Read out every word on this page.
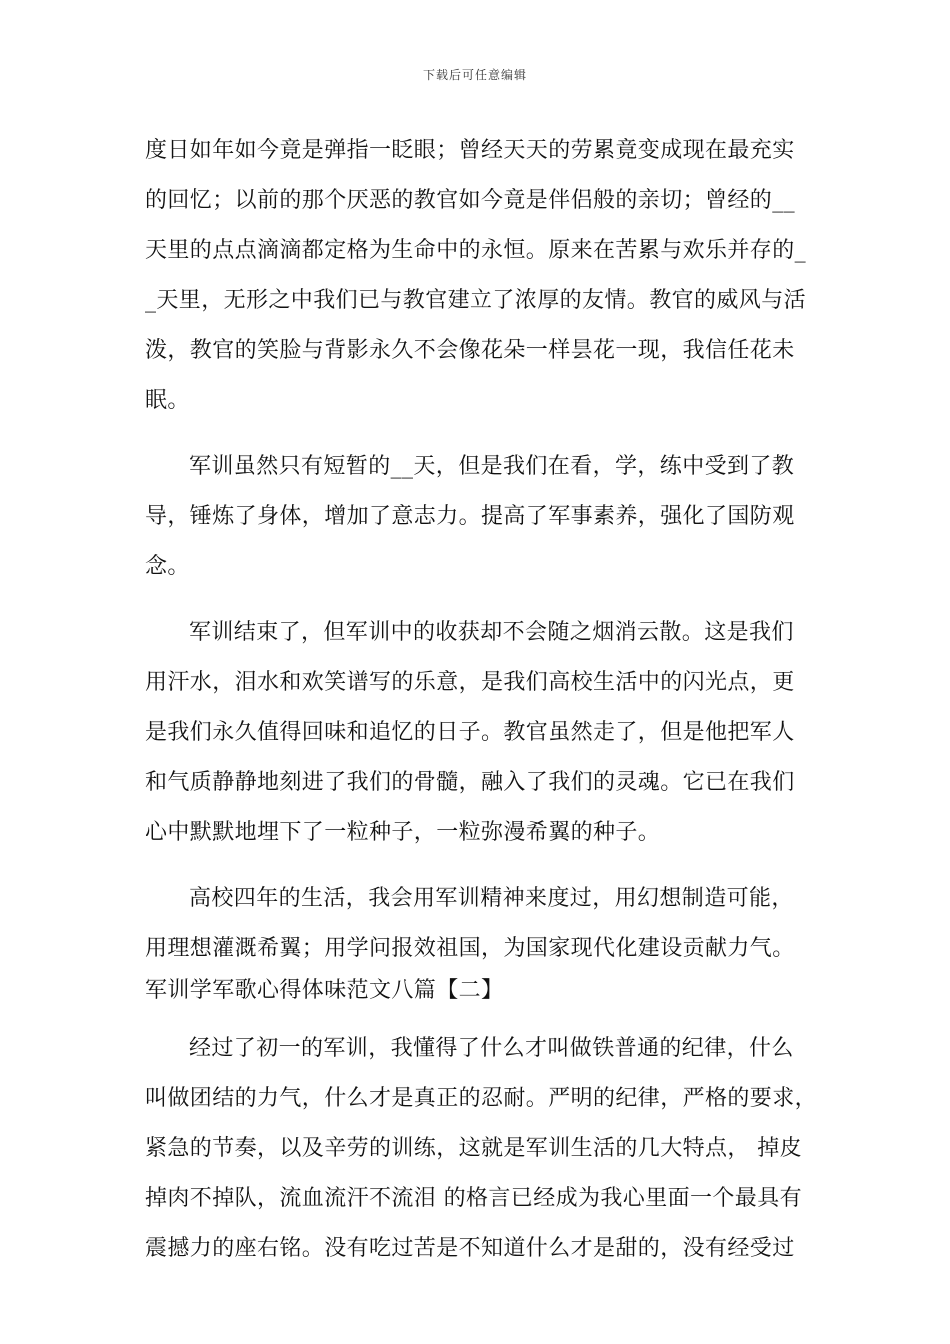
下载后可任意编辑
度日如年如今竟是弹指一眨眼；曾经天天的劳累竟变成现在最充实
的回忆；以前的那个厌恶的教官如今竟是伴侣般的亲切；曾经的__
天里的点点滴滴都定格为生命中的永恒。原来在苦累与欢乐并存的_
_天里，无形之中我们已与教官建立了浓厚的友情。教官的威风与活
泼，教官的笑脸与背影永久不会像花朵一样昙花一现，我信任花未
眠。
军训虽然只有短暂的__天，但是我们在看，学，练中受到了教
导，锤炼了身体，增加了意志力。提高了军事素养，强化了国防观
念。
军训结束了，但军训中的收获却不会随之烟消云散。这是我们
用汗水，泪水和欢笑谱写的乐意，是我们高校生活中的闪光点，更
是我们永久值得回味和追忆的日子。教官虽然走了，但是他把军人
和气质静静地刻进了我们的骨髓，融入了我们的灵魂。它已在我们
心中默默地埋下了一粒种子，一粒弥漫希翼的种子。
高校四年的生活，我会用军训精神来度过，用幻想制造可能，
用理想灌溉希翼；用学问报效祖国，为国家现代化建设贡献力气。
军训学军歌心得体味范文八篇【二】
经过了初一的军训，我懂得了什么才叫做铁普通的纪律，什么
叫做团结的力气，什么才是真正的忍耐。严明的纪律，严格的要求，
紧急的节奏，以及辛劳的训练，这就是军训生活的几大特点， 掉皮
掉肉不掉队，流血流汗不流泪 的格言已经成为我心里面一个最具有
震撼力的座右铭。没有吃过苦是不知道什么才是甜的，没有经受过
